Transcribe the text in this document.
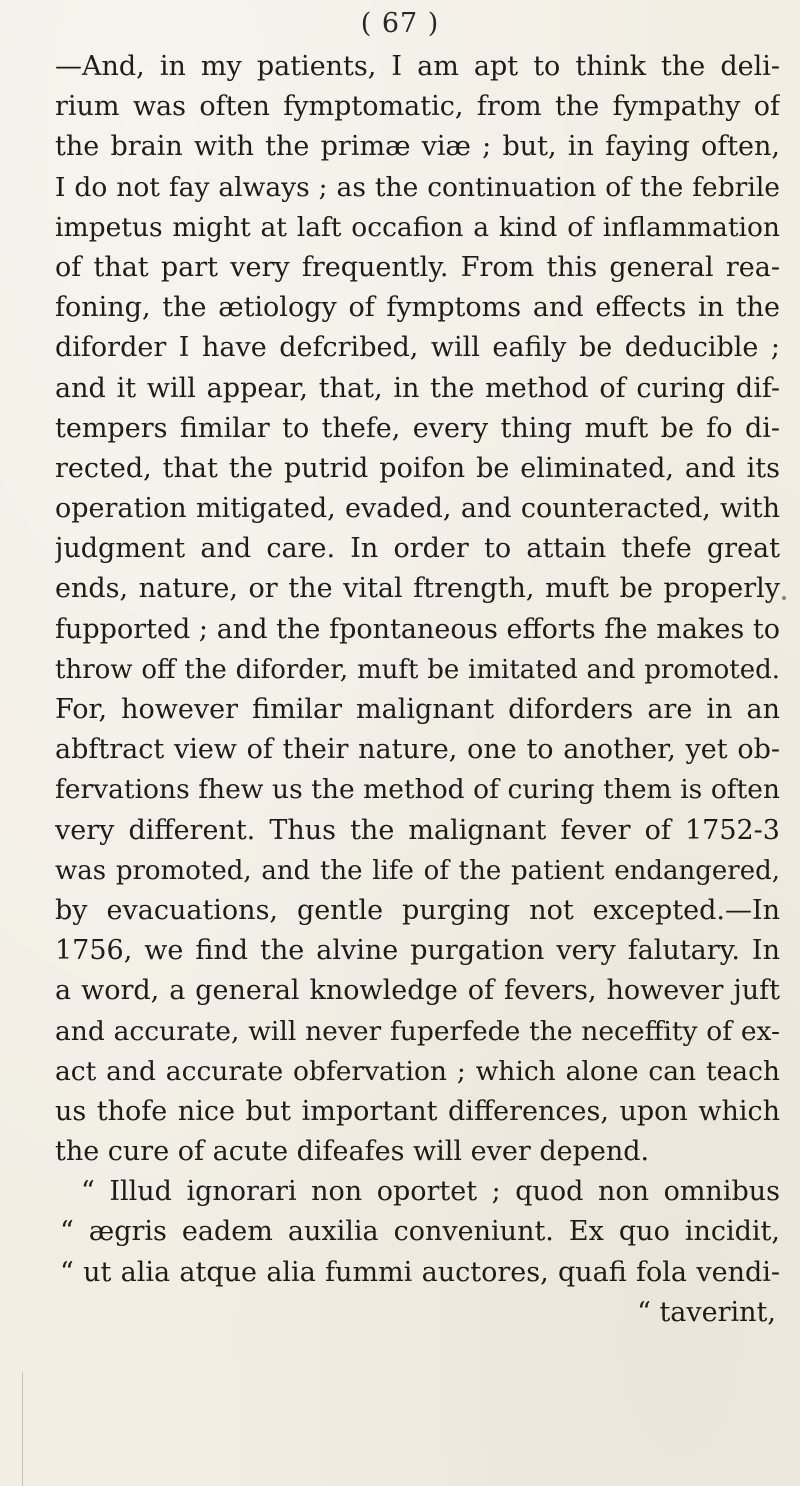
( 67 )
—And, in my patients, I am apt to think the deli-
rium was often fymptomatic, from the fympathy of
the brain with the primæ viæ ; but, in faying often,
I do not fay always ; as the continuation of the febrile
impetus might at laft occafion a kind of inflammation
of that part very frequently. From this general rea-
foning, the ætiology of fymptoms and effects in the
diforder I have defcribed, will eafily be deducible ;
and it will appear, that, in the method of curing dif-
tempers fimilar to thefe, every thing muft be fo di-
rected, that the putrid poifon be eliminated, and its
operation mitigated, evaded, and counteracted, with
judgment and care. In order to attain thefe great
ends, nature, or the vital ftrength, muft be properly
fupported ; and the fpontaneous efforts fhe makes to
throw off the diforder, muft be imitated and promoted.
For, however fimilar malignant diforders are in an
abftract view of their nature, one to another, yet ob-
fervations fhew us the method of curing them is often
very different. Thus the malignant fever of 1752-3
was promoted, and the life of the patient endangered,
by evacuations, gentle purging not excepted.—In
1756, we find the alvine purgation very falutary. In
a word, a general knowledge of fevers, however juft
and accurate, will never fuperfede the neceffity of ex-
act and accurate obfervation ; which alone can teach
us thofe nice but important differences, upon which
the cure of acute difeafes will ever depend.
“ Illud ignorari non oportet ; quod non omnibus
“ ægris eadem auxilia conveniunt. Ex quo incidit,
“ ut alia atque alia fummi auctores, quafi fola vendi-
“ taverint,
